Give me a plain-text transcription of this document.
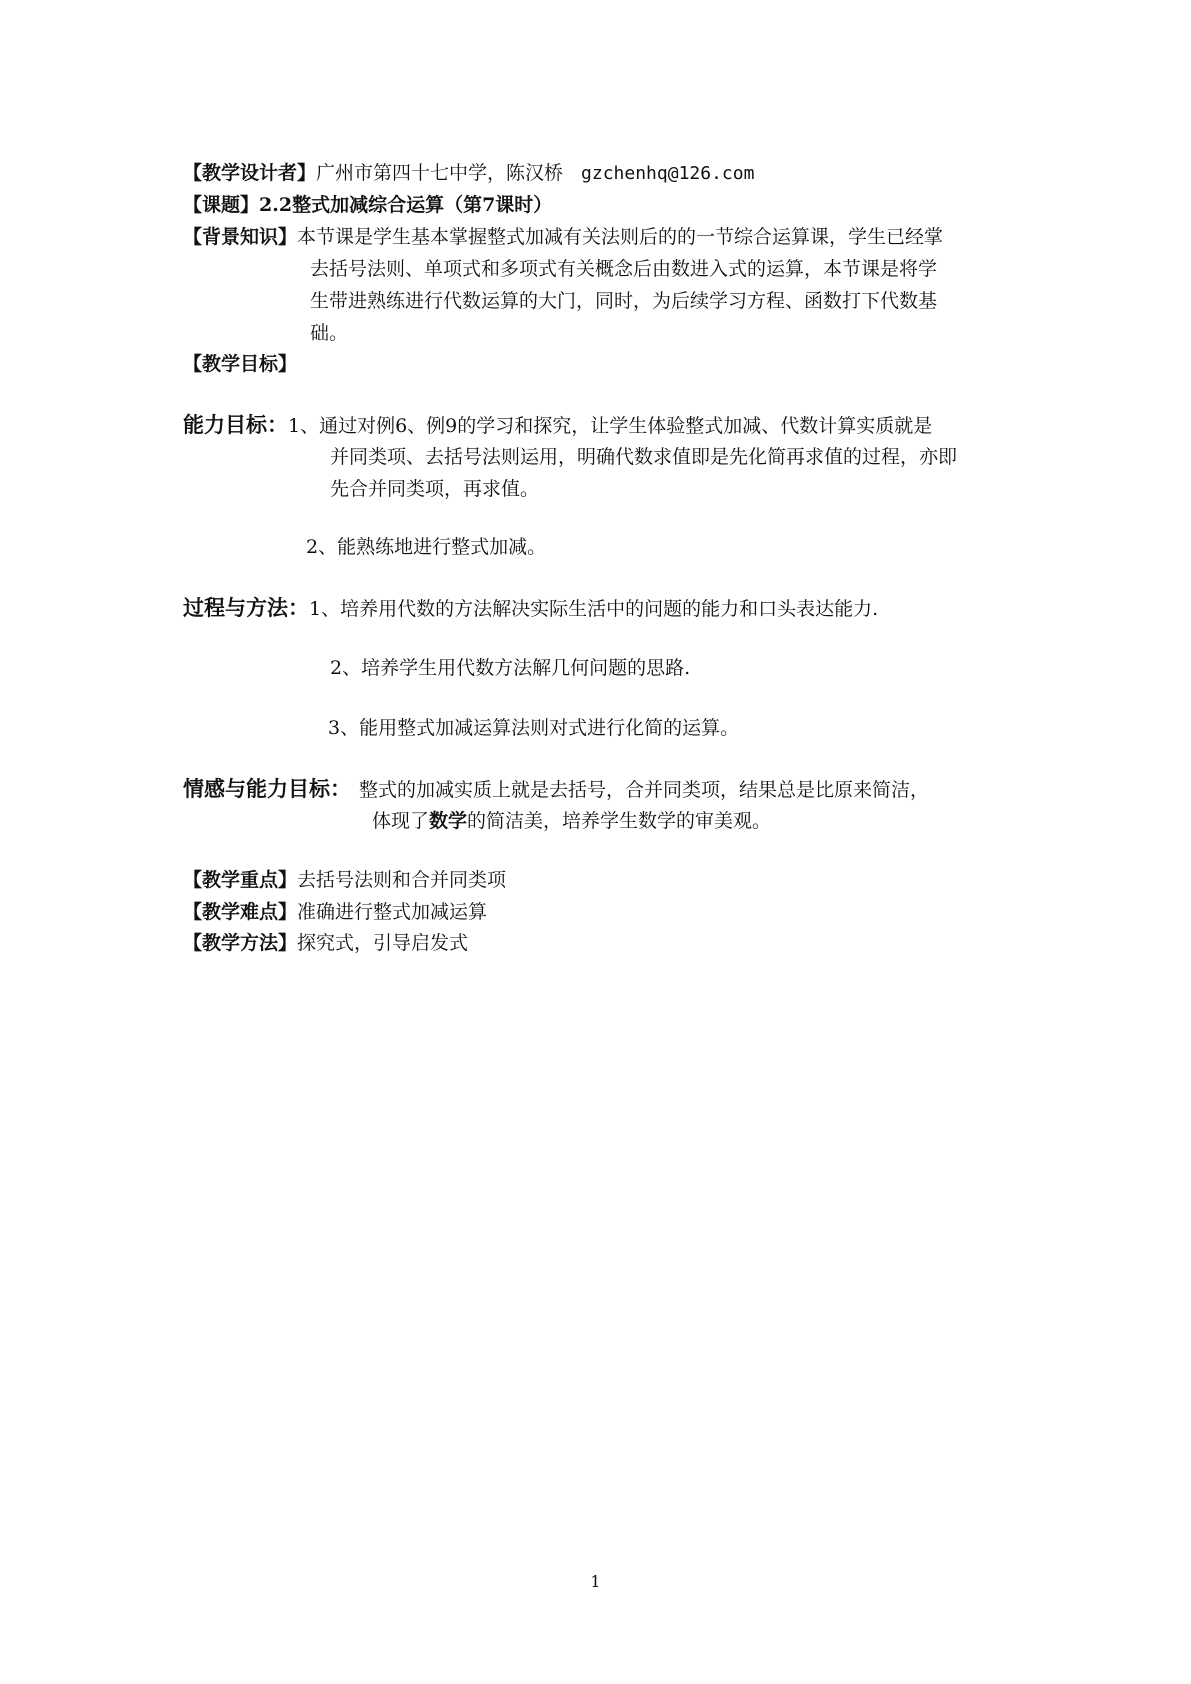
【教学设计者】广州市第四十七中学，陈汉桥 gzchenhq@126.com
【课题】2.2整式加减综合运算（第7课时）
【背景知识】本节课是学生基本掌握整式加减有关法则后的的一节综合运算课，学生已经掌
去括号法则、单项式和多项式有关概念后由数进入式的运算，本节课是将学
生带进熟练进行代数运算的大门，同时，为后续学习方程、函数打下代数基
础。
【教学目标】
能力目标：1、通过对例6、例9的学习和探究，让学生体验整式加减、代数计算实质就是
并同类项、去括号法则运用，明确代数求值即是先化简再求值的过程，亦即
先合并同类项，再求值。
2、能熟练地进行整式加减。
过程与方法：1、培养用代数的方法解决实际生活中的问题的能力和口头表达能力.
2、培养学生用代数方法解几何问题的思路.
3、能用整式加减运算法则对式进行化简的运算。
情感与能力目标： 整式的加减实质上就是去括号，合并同类项，结果总是比原来简洁，
体现了数学的简洁美，培养学生数学的审美观。
【教学重点】去括号法则和合并同类项
【教学难点】准确进行整式加减运算
【教学方法】探究式，引导启发式
1
